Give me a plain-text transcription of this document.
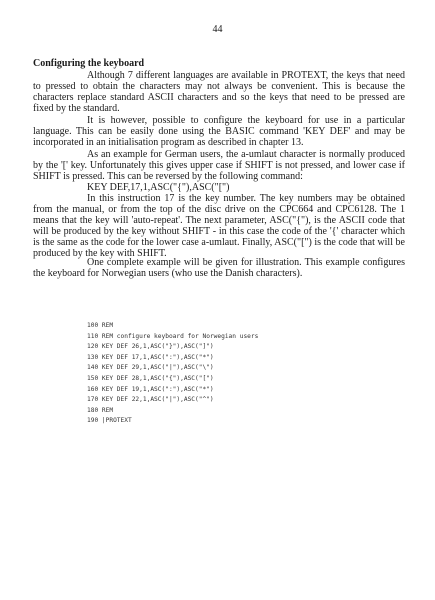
44
Configuring the keyboard

Although 7 different languages are available in PROTEXT, the keys that need to pressed to obtain the characters may not always be convenient. This is because the characters replace standard ASCII characters and so the keys that need to be pressed are fixed by the standard.

It is however, possible to configure the keyboard for use in a particular language. This can be easily done using the BASIC command 'KEY DEF' and may be incorporated in an initialisation program as described in chapter 13.

As an example for German users, the a-umlaut character is normally produced by the '[' key. Unfortunately this gives upper case if SHIFT is not pressed, and lower case if SHIFT is pressed. This can be reversed by the following command:

KEY DEF,17,1,ASC("{"),ASC("[")

In this instruction 17 is the key number. The key numbers may be obtained from the manual, or from the top of the disc drive on the CPC664 and CPC6128. The 1 means that the key will 'auto-repeat'. The next parameter, ASC("{"), is the ASCII code that will be produced by the key without SHIFT - in this case the code of the '{' character which is the same as the code for the lower case a-umlaut. Finally, ASC("[") is the code that will be produced by the key with SHIFT.

One complete example will be given for illustration. This example configures the keyboard for Norwegian users (who use the Danish characters).

100 REM
110 REM configure keyboard for Norwegian users
120 KEY DEF 26,1,ASC("}"),ASC("]")
130 KEY DEF 17,1,ASC(":"),ASC("*")
140 KEY DEF 29,1,ASC("|"),ASC("\")
150 KEY DEF 28,1,ASC("{"),ASC("[")
160 KEY DEF 19,1,ASC(":"),ASC("*")
170 KEY DEF 22,1,ASC("|"),ASC("^")
180 REM
190 |PROTEXT
